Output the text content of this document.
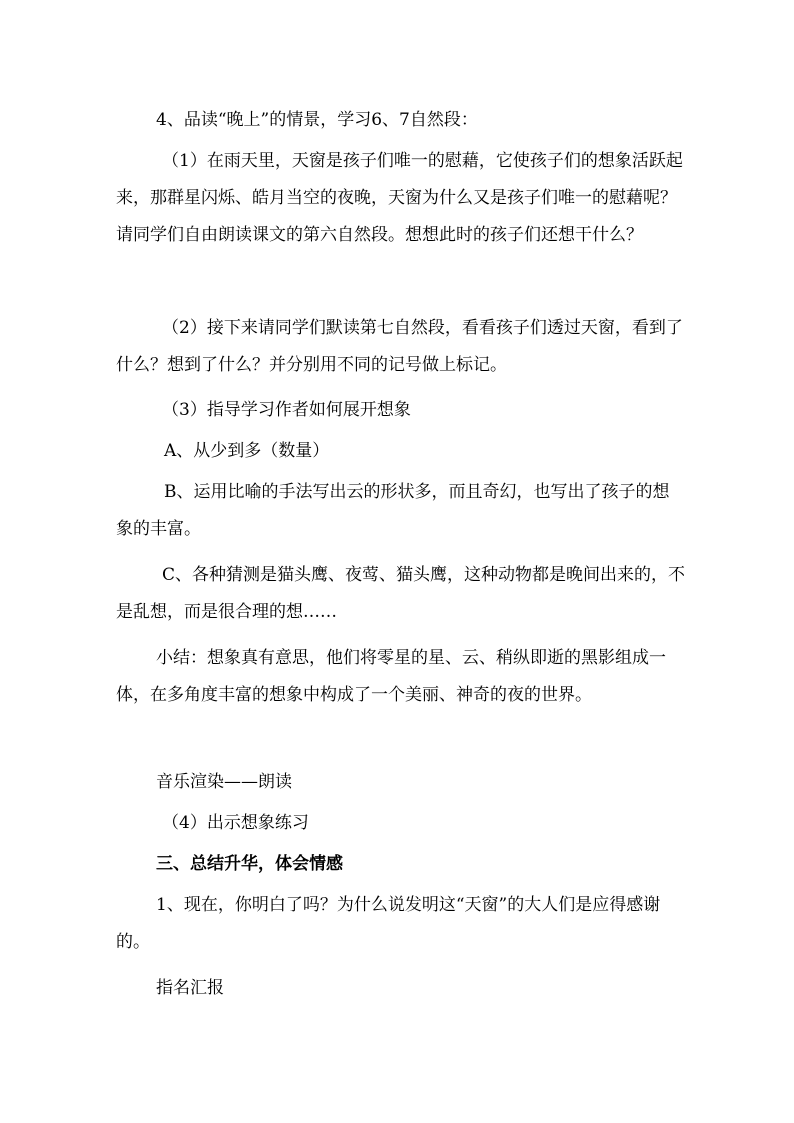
4、品读“晚上”的情景，学习6、7自然段：

（1）在雨天里，天窗是孩子们唯一的慰藉，它使孩子们的想象活跃起来，那群星闪烁、皓月当空的夜晚，天窗为什么又是孩子们唯一的慰藉呢？请同学们自由朗读课文的第六自然段。想想此时的孩子们还想干什么？

（2）接下来请同学们默读第七自然段，看看孩子们透过天窗，看到了什么？想到了什么？并分别用不同的记号做上标记。

（3）指导学习作者如何展开想象

A、从少到多（数量）

B、运用比喻的手法写出云的形状多，而且奇幻，也写出了孩子的想象的丰富。

C、各种猜测是猫头鹰、夜莺、猫头鹰，这种动物都是晚间出来的，不是乱想，而是很合理的想……

小结：想象真有意思，他们将零星的星、云、稍纵即逝的黑影组成一体，在多角度丰富的想象中构成了一个美丽、神奇的夜的世界。

音乐渲染——朗读

（4）出示想象练习

三、总结升华，体会情感

1、现在，你明白了吗？为什么说发明这“天窗”的大人们是应得感谢的。

指名汇报
